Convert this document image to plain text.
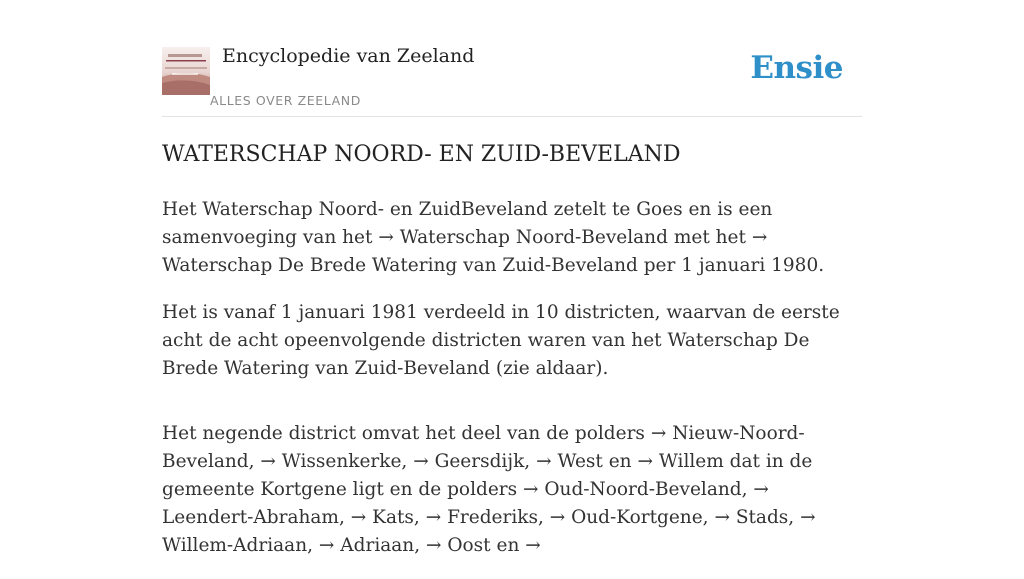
Encyclopedie van Zeeland
ALLES OVER ZEELAND
Ensie
WATERSCHAP NOORD- EN ZUID-BEVELAND

Het Waterschap Noord- en ZuidBeveland zetelt te Goes en is een samenvoeging van het → Waterschap Noord-Beveland met het → Waterschap De Brede Watering van Zuid-Beveland per 1 januari 1980.

Het is vanaf 1 januari 1981 verdeeld in 10 districten, waarvan de eerste acht de acht opeenvolgende districten waren van het Waterschap De Brede Watering van Zuid-Beveland (zie aldaar).

Het negende district omvat het deel van de polders → Nieuw-Noord-Beveland, → Wissenkerke, → Geersdijk, → West en → Willem dat in de gemeente Kortgene ligt en de polders → Oud-Noord-Beveland, → Leendert-Abraham, → Kats, → Frederiks, → Oud-Kortgene, → Stads, → Willem-Adriaan, → Adriaan, → Oost en →
